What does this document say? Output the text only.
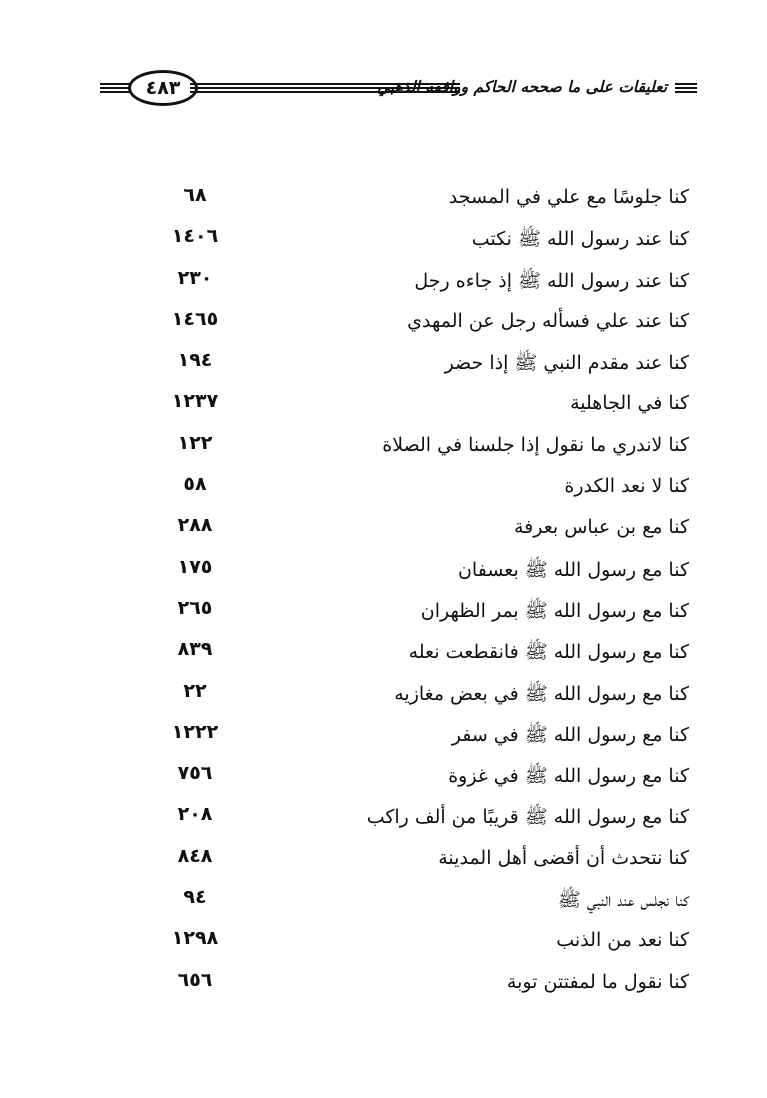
٤٨٣	تعليقات على ما صححه الحاكم ووافقه الذهبي
كنا جلوسًا مع علي في المسجد
٦٨
كنا عند رسول الله ﷺ نكتب
١٤٠٦
كنا عند رسول الله ﷺ إذ جاءه رجل
٢٣٠
كنا عند علي فسأله رجل عن المهدي
١٤٦٥
كنا عند مقدم النبي ﷺ إذا حضر
١٩٤
كنا في الجاهلية
١٢٣٧
كنا لاندري ما نقول إذا جلسنا في الصلاة
١٢٢
كنا لا نعد الكدرة
٥٨
كنا مع بن عباس بعرفة
٢٨٨
كنا مع رسول الله ﷺ بعسفان
١٧٥
كنا مع رسول الله ﷺ بمر الظهران
٢٦٥
كنا مع رسول الله ﷺ فانقطعت نعله
٨٣٩
كنا مع رسول الله ﷺ في بعض مغازيه
٢٢
كنا مع رسول الله ﷺ في سفر
١٢٢٢
كنا مع رسول الله ﷺ في غزوة
٧٥٦
كنا مع رسول الله ﷺ قريبًا من ألف راكب
٢٠٨
كنا نتحدث أن أقضى أهل المدينة
٨٤٨
كنا نجلس عند النبي ﷺ
٩٤
كنا نعد من الذنب
١٢٩٨
كنا نقول ما لمفتتن توبة
٦٥٦
